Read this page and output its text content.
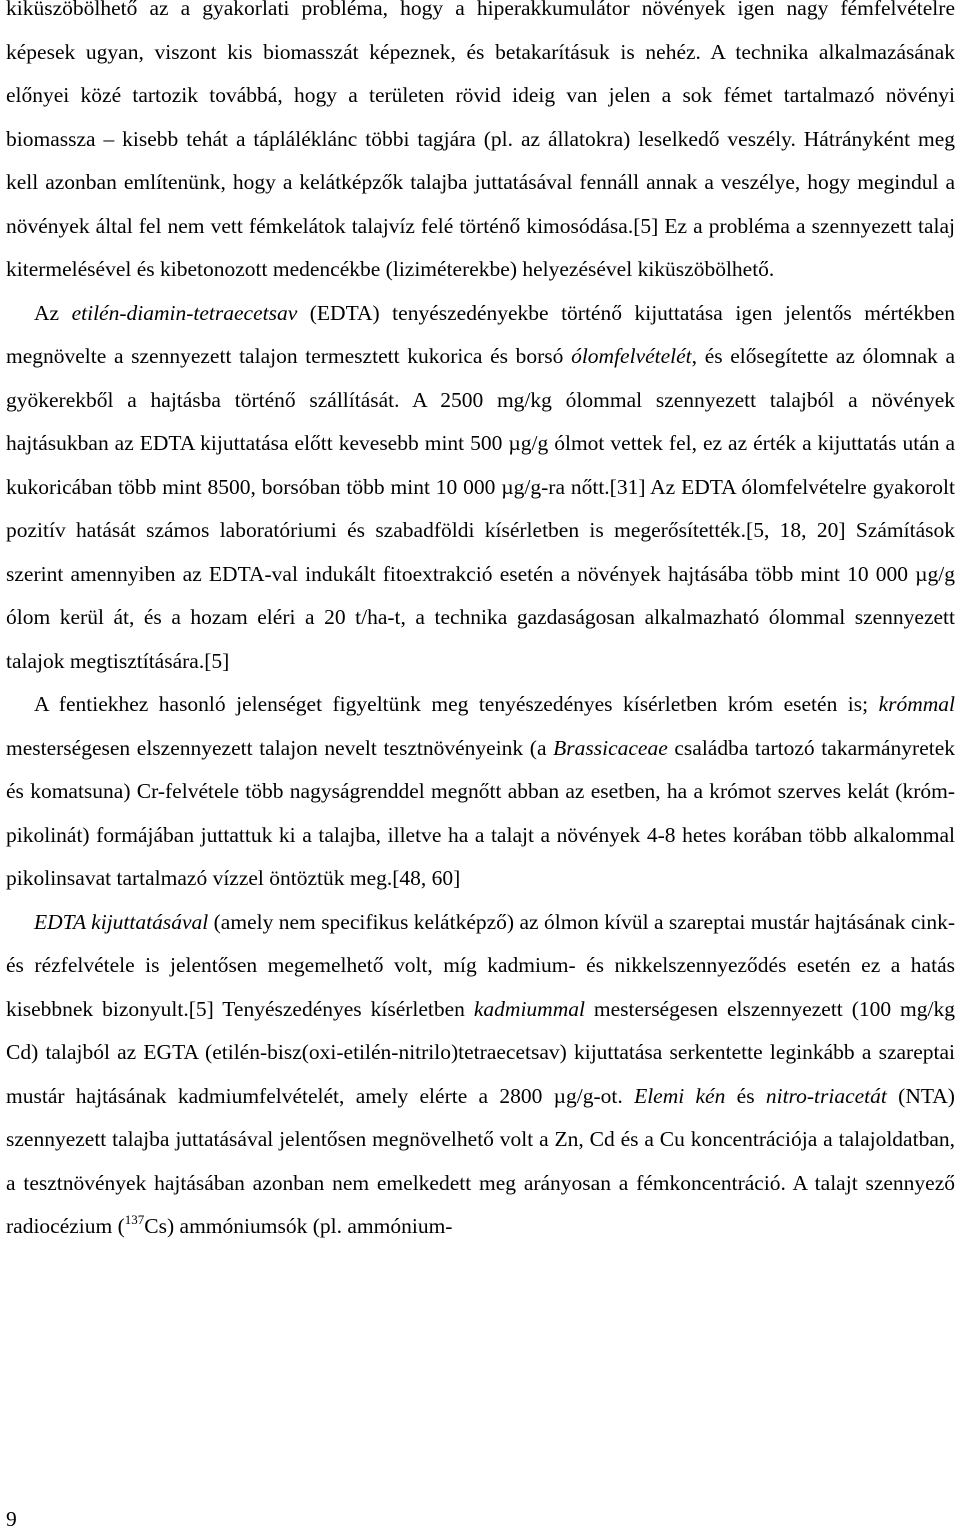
kiküszöbölhető az a gyakorlati probléma, hogy a hiperakkumulátor növények igen nagy fémfelvételre képesek ugyan, viszont kis biomasszát képeznek, és betakarításuk is nehéz. A technika alkalmazásának előnyei közé tartozik továbbá, hogy a területen rövid ideig van jelen a sok fémet tartalmazó növényi biomassza – kisebb tehát a tápláléklánc többi tagjára (pl. az állatokra) leselkedő veszély. Hátrányként meg kell azonban említenünk, hogy a kelátképzők talajba juttatásával fennáll annak a veszélye, hogy megindul a növények által fel nem vett fémkelátok talajvíz felé történő kimosódása.[5] Ez a probléma a szennyezett talaj kitermelésével és kibetonozott medencékbe (liziméterekbe) helyezésével kiküszöbölhető.

Az etilén-diamin-tetraecetsav (EDTA) tenyészedényekbe történő kijuttatása igen jelentős mértékben megnövelte a szennyezett talajon termesztett kukorica és borsó ólomfelvételét, és elősegítette az ólomnak a gyökerekből a hajtásba történő szállítását. A 2500 mg/kg ólommal szennyezett talajból a növények hajtásukban az EDTA kijuttatása előtt kevesebb mint 500 µg/g ólmot vettek fel, ez az érték a kijuttatás után a kukoricában több mint 8500, borsóban több mint 10 000 µg/g-ra nőtt.[31] Az EDTA ólomfelvételre gyakorolt pozitív hatását számos laboratóriumi és szabadföldi kísérletben is megerősítették.[5, 18, 20] Számítások szerint amennyiben az EDTA-val indukált fitoextrakció esetén a növények hajtásába több mint 10 000 µg/g ólom kerül át, és a hozam eléri a 20 t/ha-t, a technika gazdaságosan alkalmazható ólommal szennyezett talajok megtisztítására.[5]

A fentiekhez hasonló jelenséget figyeltünk meg tenyészedényes kísérletben króm esetén is; krómmal mesterségesen elszennyezett talajon nevelt tesztnövényeink (a Brassicaceae családba tartozó takarmányretek és komatsuna) Cr-felvétele több nagyságrenddel megnőtt abban az esetben, ha a krómot szerves kelát (króm-pikolinát) formájában juttattuk ki a talajba, illetve ha a talajt a növények 4-8 hetes korában több alkalommal pikolinsavat tartalmazó vízzel öntöztük meg.[48, 60]

EDTA kijuttatásával (amely nem specifikus kelátképző) az ólmon kívül a szareptai mustár hajtásának cink- és rézfelvétele is jelentősen megemelhető volt, míg kadmium- és nikkelszennyeződés esetén ez a hatás kisebbnek bizonyult.[5] Tenyészedényes kísérletben kadmiummal mesterségesen elszennyezett (100 mg/kg Cd) talajból az EGTA (etilén-bisz(oxi-etilén-nitrilo)tetraecetsav) kijuttatása serkentette leginkább a szareptai mustár hajtásának kadmiumfelvételét, amely elérte a 2800 µg/g-ot. Elemi kén és nitro-triacetát (NTA) szennyezett talajba juttatásával jelentősen megnövelhető volt a Zn, Cd és a Cu koncentrációja a talajoldatban, a tesztnövények hajtásában azonban nem emelkedett meg arányosan a fémkoncentráció. A talajt szennyező radiocézium ($^{137}$Cs) ammóniumsók (pl. ammónium-

9
